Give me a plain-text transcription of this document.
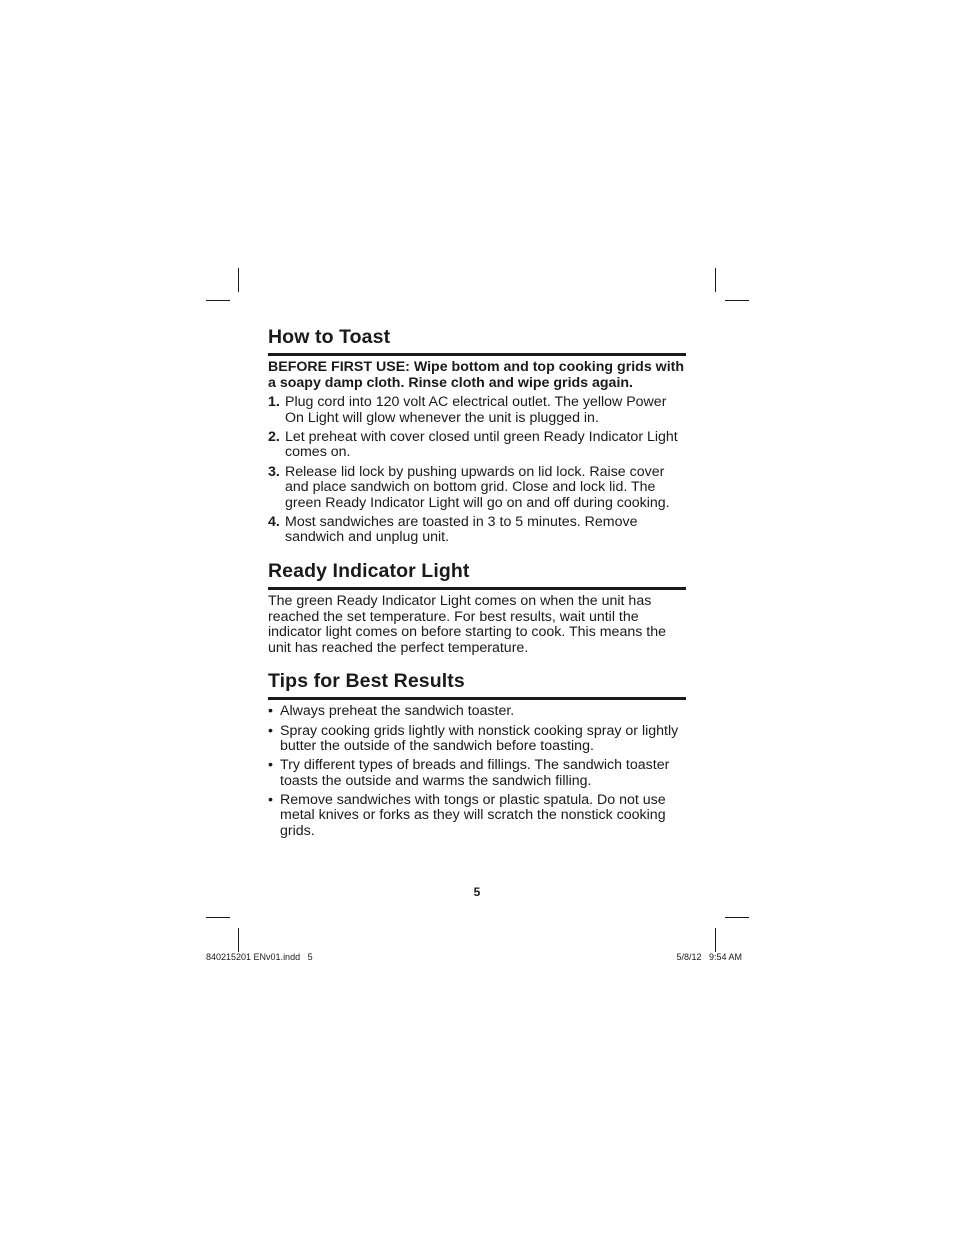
How to Toast

BEFORE FIRST USE: Wipe bottom and top cooking grids with a soapy damp cloth. Rinse cloth and wipe grids again.

1. Plug cord into 120 volt AC electrical outlet. The yellow Power On Light will glow whenever the unit is plugged in.
2. Let preheat with cover closed until green Ready Indicator Light comes on.
3. Release lid lock by pushing upwards on lid lock. Raise cover and place sandwich on bottom grid. Close and lock lid. The green Ready Indicator Light will go on and off during cooking.
4. Most sandwiches are toasted in 3 to 5 minutes. Remove sandwich and unplug unit.
Ready Indicator Light

The green Ready Indicator Light comes on when the unit has reached the set temperature. For best results, wait until the indicator light comes on before starting to cook. This means the unit has reached the perfect temperature.

Tips for Best Results
• Always preheat the sandwich toaster.
• Spray cooking grids lightly with nonstick cooking spray or lightly butter the outside of the sandwich before toasting.
• Try different types of breads and fillings. The sandwich toaster toasts the outside and warms the sandwich filling.
• Remove sandwiches with tongs or plastic spatula. Do not use metal knives or forks as they will scratch the nonstick cooking grids.
5
840215201 ENv01.indd   5	5/8/12   9:54 AM
